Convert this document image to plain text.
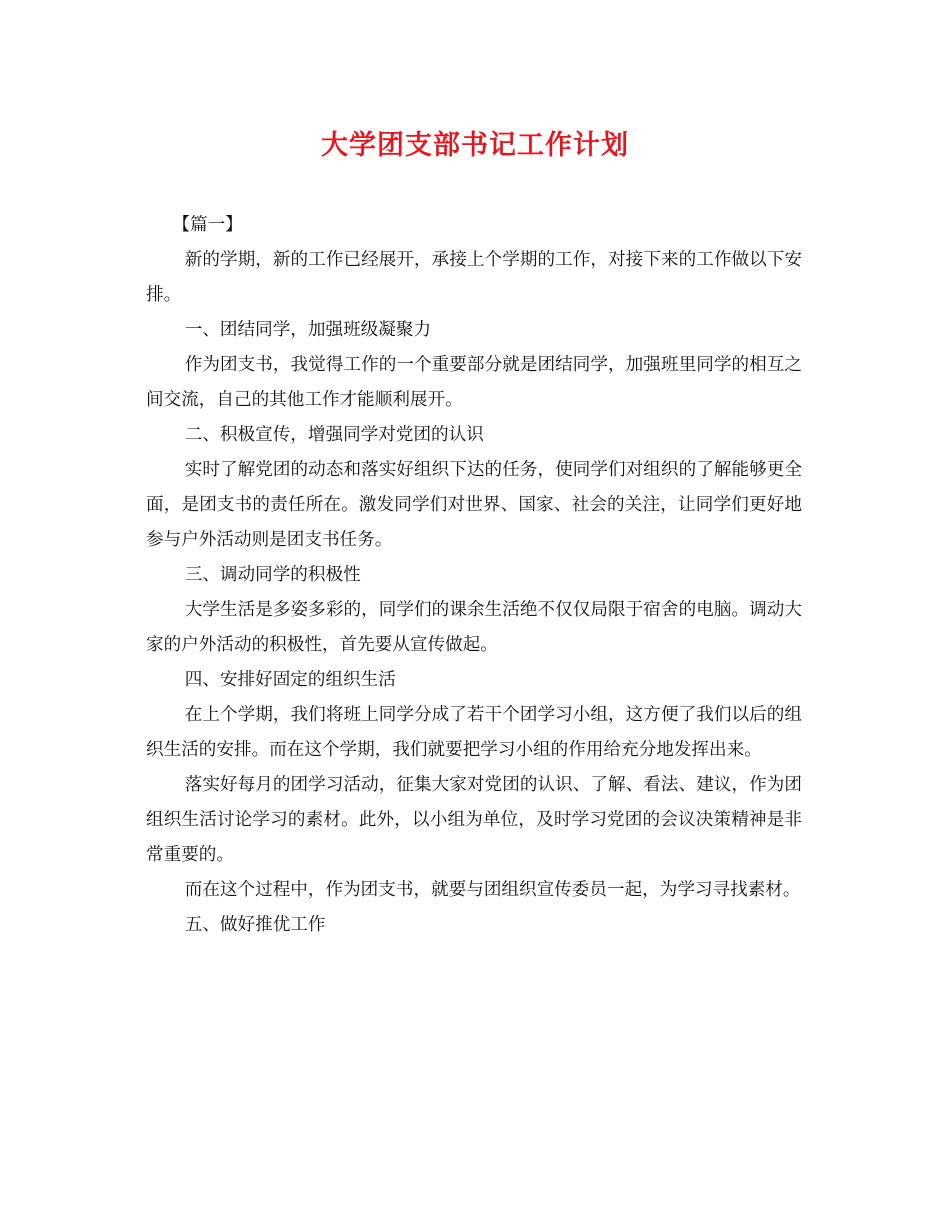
大学团支部书记工作计划

【篇一】

新的学期，新的工作已经展开，承接上个学期的工作，对接下来的工作做以下安排。

一、团结同学，加强班级凝聚力

作为团支书，我觉得工作的一个重要部分就是团结同学，加强班里同学的相互之间交流，自己的其他工作才能顺利展开。

二、积极宣传，增强同学对党团的认识

实时了解党团的动态和落实好组织下达的任务，使同学们对组织的了解能够更全面，是团支书的责任所在。激发同学们对世界、国家、社会的关注，让同学们更好地参与户外活动则是团支书任务。

三、调动同学的积极性

大学生活是多姿多彩的，同学们的课余生活绝不仅仅局限于宿舍的电脑。调动大家的户外活动的积极性，首先要从宣传做起。

四、安排好固定的组织生活

在上个学期，我们将班上同学分成了若干个团学习小组，这方便了我们以后的组织生活的安排。而在这个学期，我们就要把学习小组的作用给充分地发挥出来。

落实好每月的团学习活动，征集大家对党团的认识、了解、看法、建议，作为团组织生活讨论学习的素材。此外，以小组为单位，及时学习党团的会议决策精神是非常重要的。

而在这个过程中，作为团支书，就要与团组织宣传委员一起，为学习寻找素材。

五、做好推优工作
